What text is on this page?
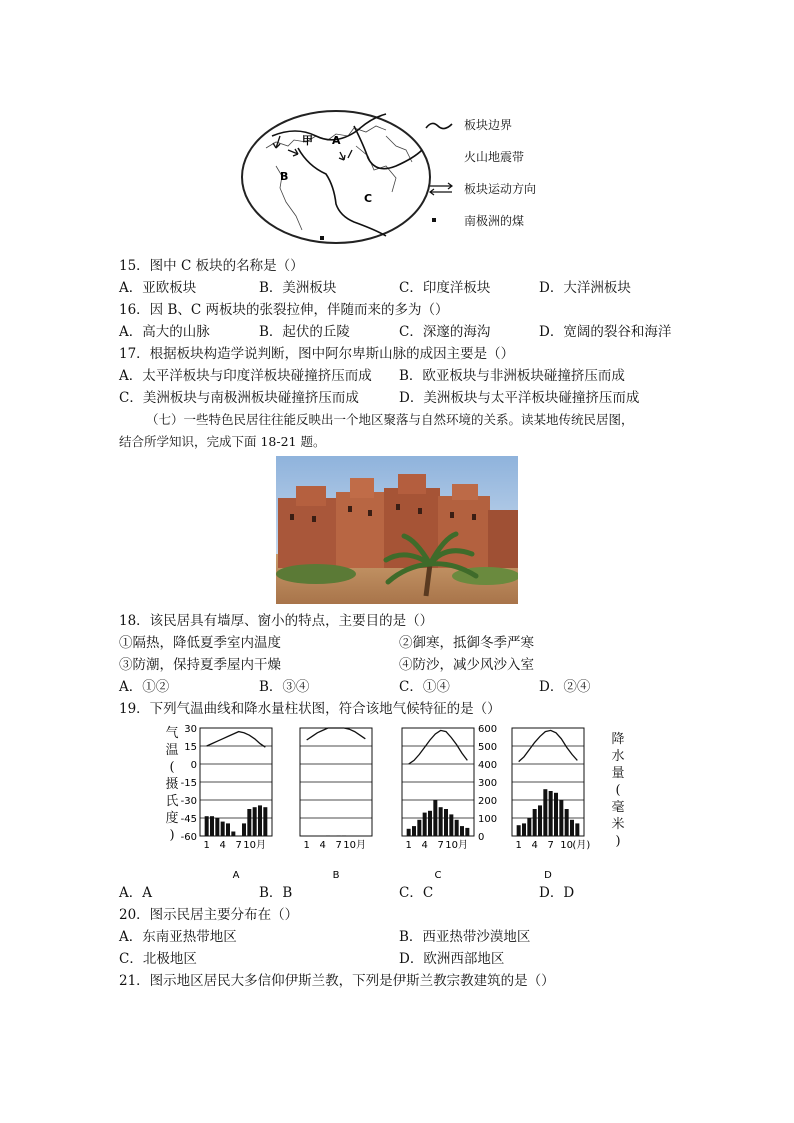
甲 A
B
C
板块边界
火山地震带
板块运动方向
南极洲的煤
15．图中 C 板块的名称是（）
A．亚欧板块	B．美洲板块	C．印度洋板块	D．大洋洲板块
16．因 B、C 两板块的张裂拉伸，伴随而来的多为（）
A．高大的山脉	B．起伏的丘陵	C．深邃的海沟	D．宽阔的裂谷和海洋
17．根据板块构造学说判断，图中阿尔卑斯山脉的成因主要是（）
A．太平洋板块与印度洋板块碰撞挤压而成 B．欧亚板块与非洲板块碰撞挤压而成
C．美洲板块与南极洲板块碰撞挤压而成	D．美洲板块与太平洋板块碰撞挤压而成
（七）一些特色民居往往能反映出一个地区聚落与自然环境的关系。读某地传统民居图，
结合所学知识，完成下面 18-21 题。
18．该民居具有墙厚、窗小的特点，主要目的是（）
①隔热，降低夏季室内温度	②御寒，抵御冬季严寒
③防潮，保持夏季屋内干燥	④防沙，减少风沙入室
A．①②	B．③④	C．①④	D．②④
19．下列气温曲线和降水量柱状图，符合该地气候特征的是（）
气
温
(
摄
氏
度
)
降
水
量
(
毫
米
)
1 4 7 10月
A
1 4 7 10月
B
1 4 7 10月
C
1 4 7 10 (月)
D
30
15
0
-15
-30
-45
-60
600
500
400
300
200
100
0
A．A	B．B	C．C	D．D
20．图示民居主要分布在（）
A．东南亚热带地区	B．西亚热带沙漠地区
C．北极地区	D．欧洲西部地区
21．图示地区居民大多信仰伊斯兰教，下列是伊斯兰教宗教建筑的是（）
